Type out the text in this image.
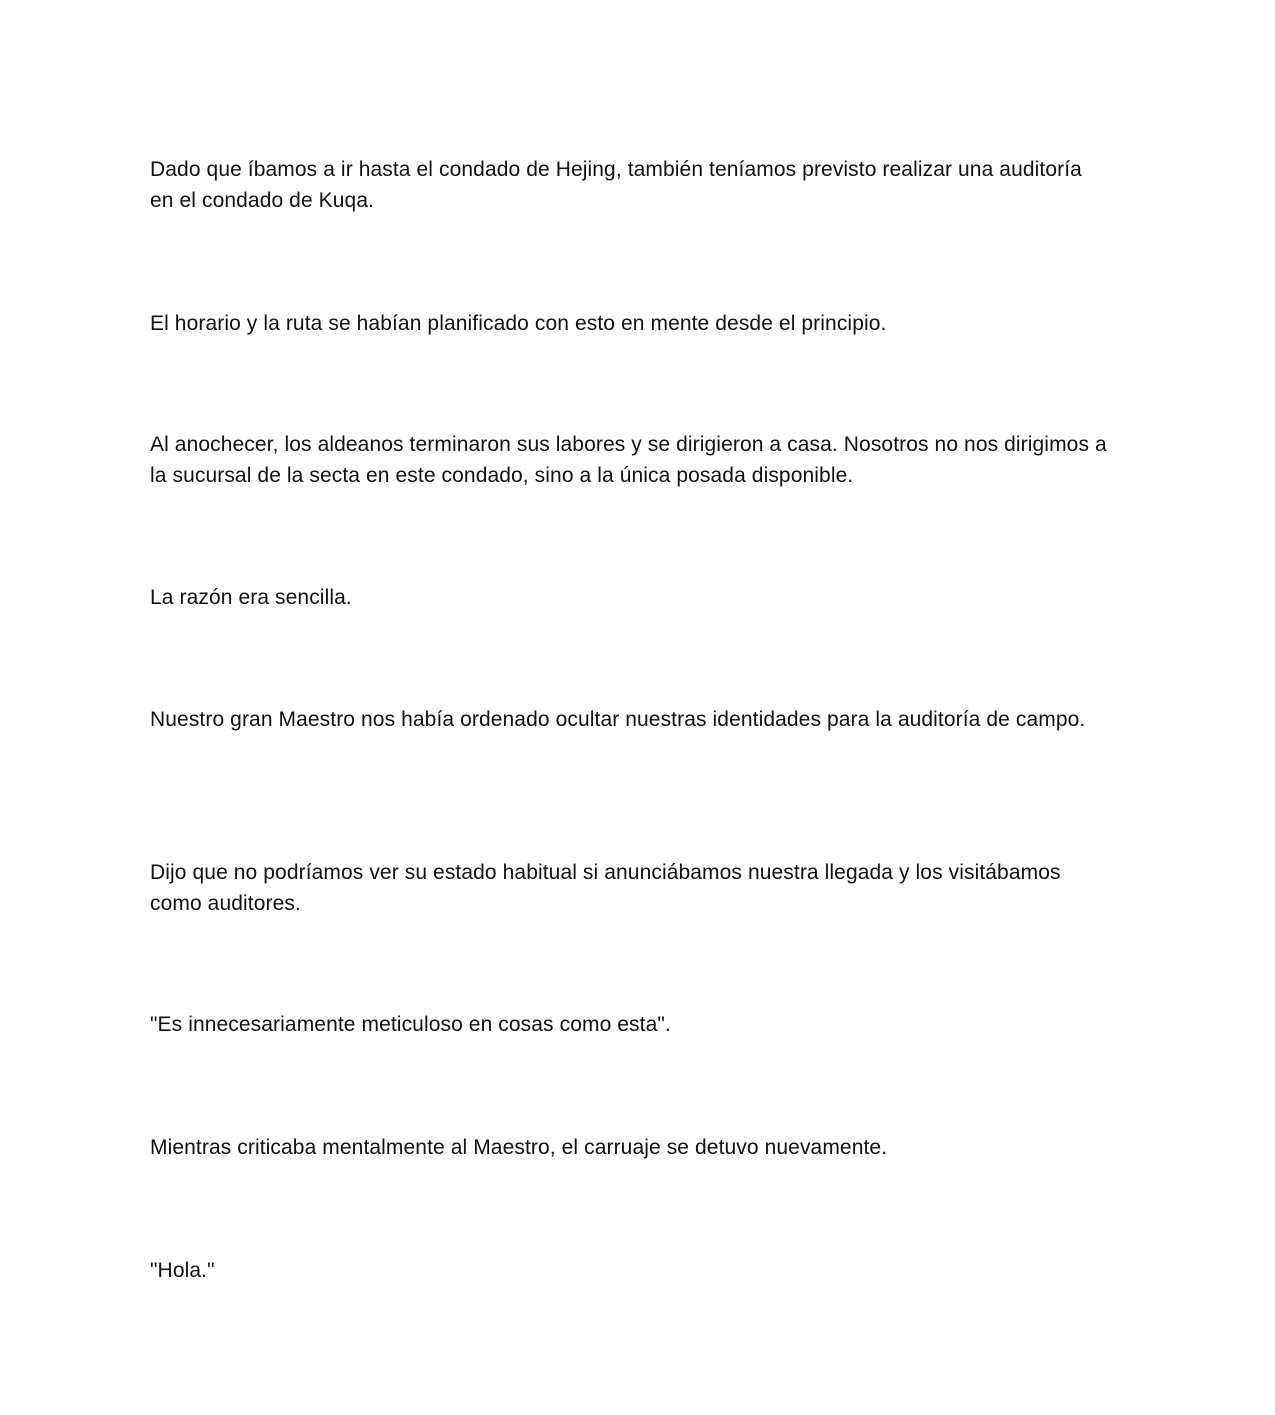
Dado que íbamos a ir hasta el condado de Hejing, también teníamos previsto realizar una auditoría en el condado de Kuqa.

El horario y la ruta se habían planificado con esto en mente desde el principio.

Al anochecer, los aldeanos terminaron sus labores y se dirigieron a casa. Nosotros no nos dirigimos a la sucursal de la secta en este condado, sino a la única posada disponible.

La razón era sencilla.

Nuestro gran Maestro nos había ordenado ocultar nuestras identidades para la auditoría de campo.

Dijo que no podríamos ver su estado habitual si anunciábamos nuestra llegada y los visitábamos como auditores.

"Es innecesariamente meticuloso en cosas como esta".

Mientras criticaba mentalmente al Maestro, el carruaje se detuvo nuevamente.

"Hola."
